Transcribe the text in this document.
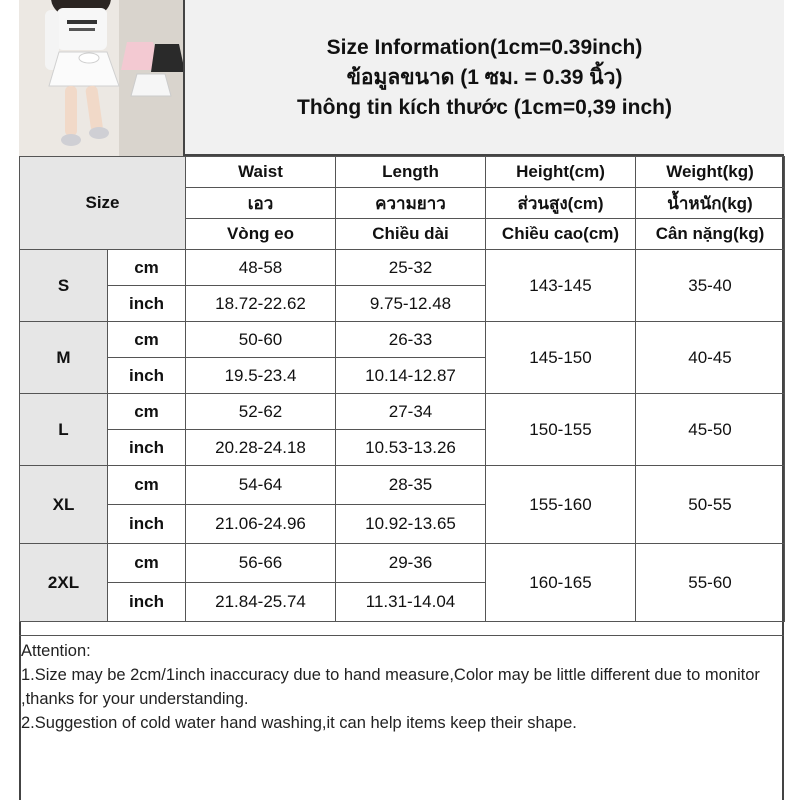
Size Information(1cm=0.39inch)
ข้อมูลขนาด (1 ซม. = 0.39 นิ้ว)
Thông tin kích thước (1cm=0,39 inch)
Size		Waist	Length	Height(cm)	Weight(kg)
		เอว	ความยาว	ส่วนสูง(cm)	น้ำหนัก(kg)
		Vòng eo	Chiều dài	Chiều cao(cm)	Cân nặng(kg)
S	cm	48-58	25-32	143-145	35-40
	inch	18.72-22.62	9.75-12.48		
M	cm	50-60	26-33	145-150	40-45
	inch	19.5-23.4	10.14-12.87		
L	cm	52-62	27-34	150-155	45-50
	inch	20.28-24.18	10.53-13.26		
XL	cm	54-64	28-35	155-160	50-55
	inch	21.06-24.96	10.92-13.65		
2XL	cm	56-66	29-36	160-165	55-60
	inch	21.84-25.74	11.31-14.04		
Attention:
1.Size may be 2cm/1inch inaccuracy due to hand measure,Color may be little different due to monitor ,thanks for your understanding.
2.Suggestion of cold water hand washing,it can help items keep their shape.
